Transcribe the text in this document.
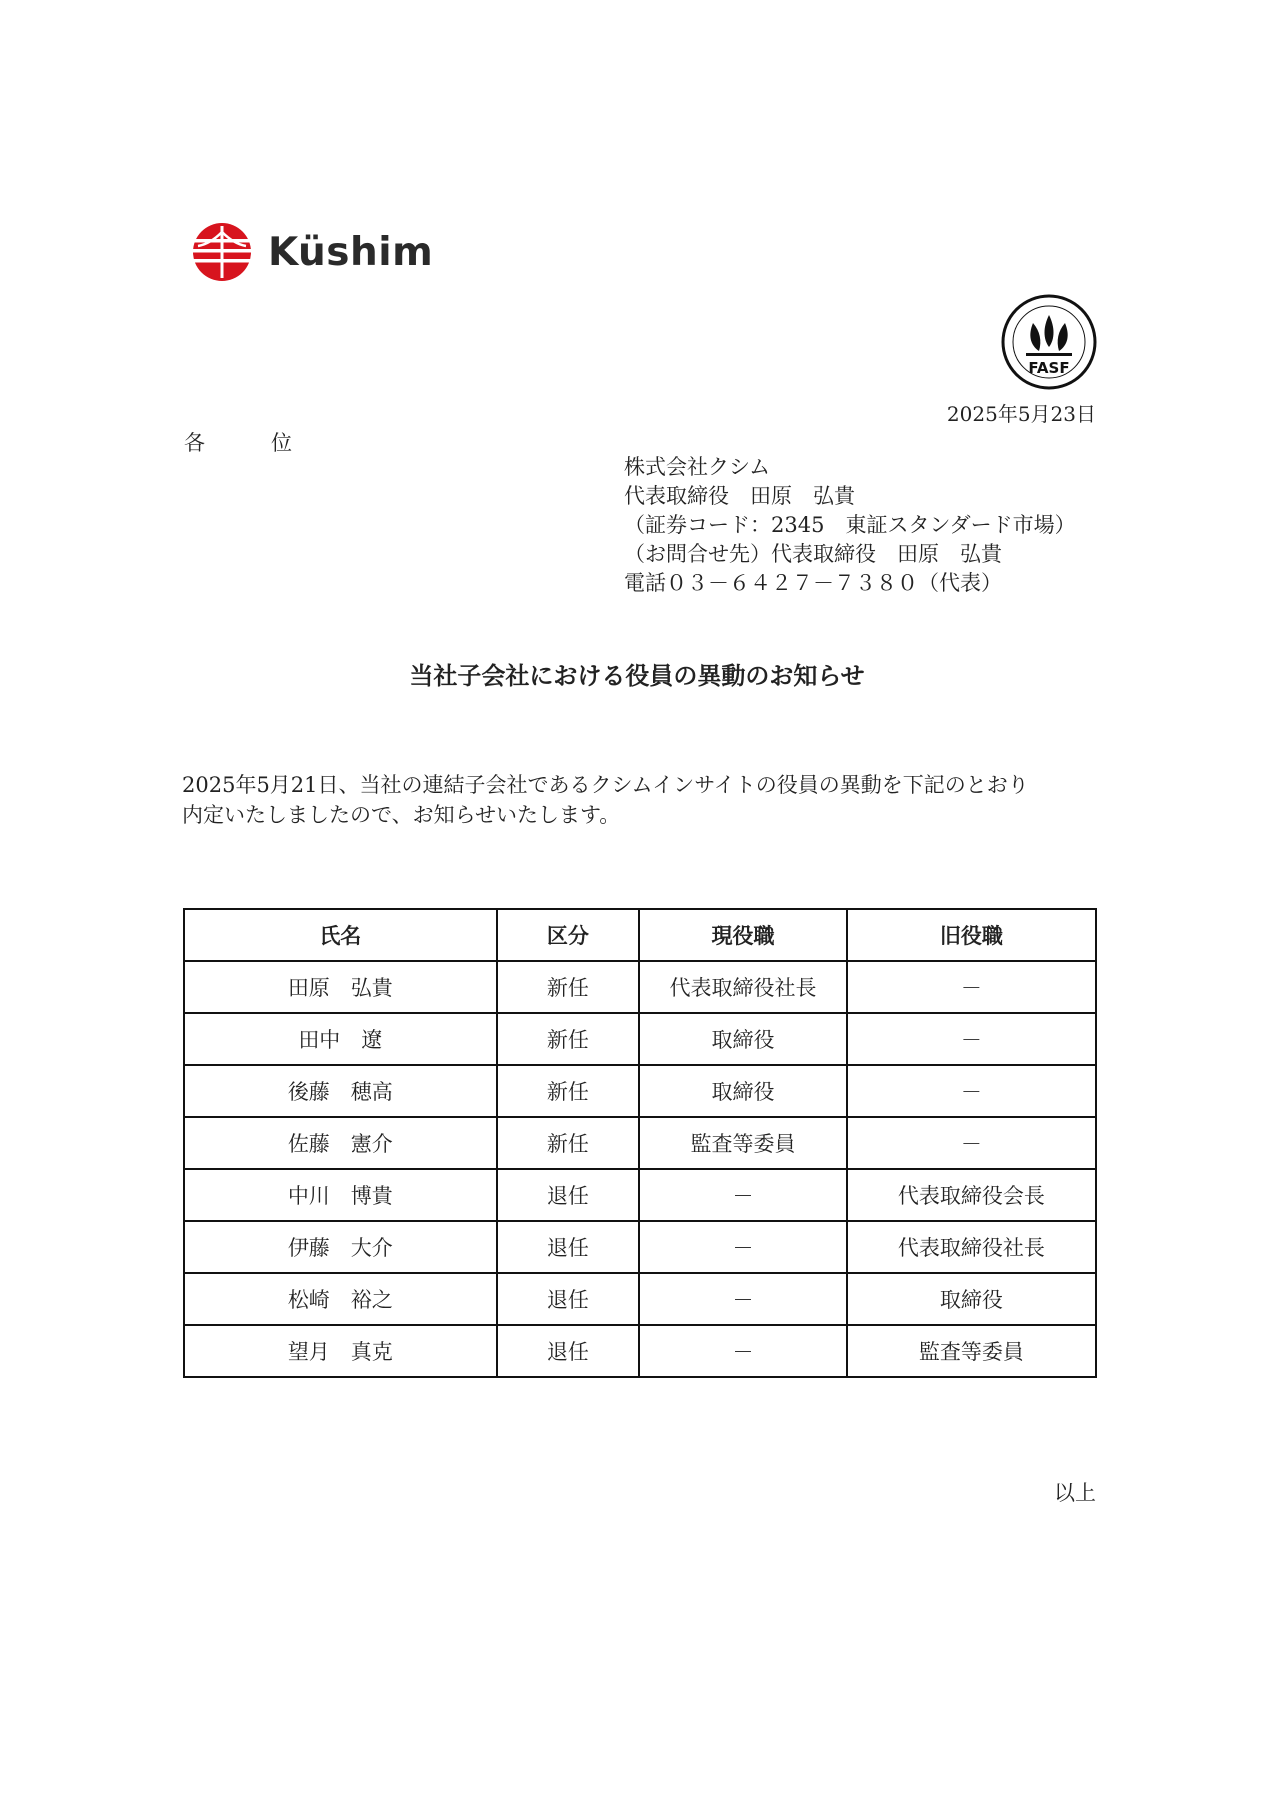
Küshim
FASF
2025年5月23日
各	位
株式会社クシム
代表取締役　田原　弘貴
（証券コード：2345　東証スタンダード市場）
（お問合せ先）代表取締役　田原　弘貴
電話０３－６４２７－７３８０（代表）
当社子会社における役員の異動のお知らせ
2025年5月21日、当社の連結子会社であるクシムインサイトの役員の異動を下記のとおり
内定いたしましたので、お知らせいたします。
氏名	区分	現役職	旧役職
田原　弘貴	新任	代表取締役社長	－
田中　遼	新任	取締役	－
後藤　穂高	新任	取締役	－
佐藤　憲介	新任	監査等委員	－
中川　博貴	退任	－	代表取締役会長
伊藤　大介	退任	－	代表取締役社長
松崎　裕之	退任	－	取締役
望月　真克	退任	－	監査等委員
以上
